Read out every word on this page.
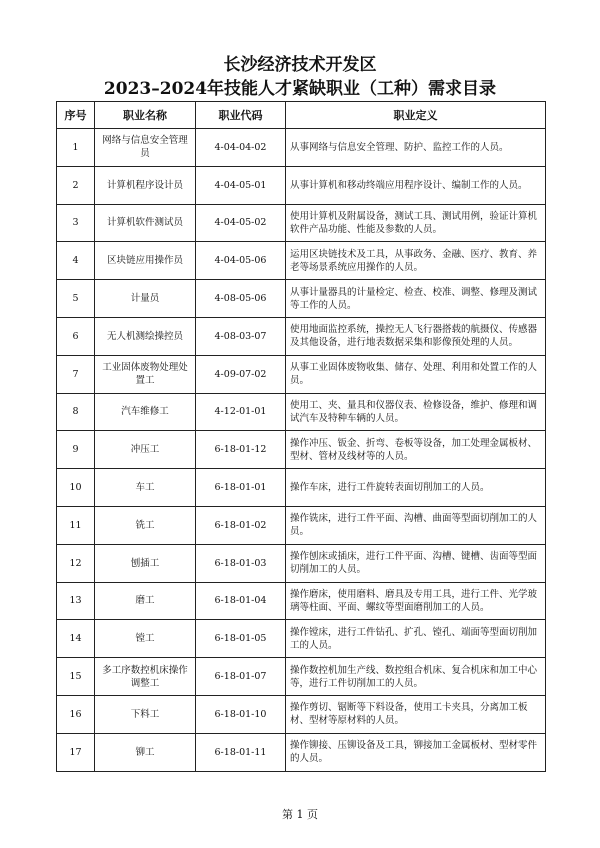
长沙经济技术开发区
2023–2024年技能人才紧缺职业（工种）需求目录
序号	职业名称	职业代码	职业定义
1	网络与信息安全管理员	4-04-04-02	从事网络与信息安全管理、防护、监控工作的人员。
2	计算机程序设计员	4-04-05-01	从事计算机和移动终端应用程序设计、编制工作的人员。
3	计算机软件测试员	4-04-05-02	使用计算机及附属设备，测试工具、测试用例，验证计算机软件产品功能、性能及参数的人员。
4	区块链应用操作员	4-04-05-06	运用区块链技术及工具，从事政务、金融、医疗、教育、养老等场景系统应用操作的人员。
5	计量员	4-08-05-06	从事计量器具的计量检定、检查、校准、调整、修理及测试等工作的人员。
6	无人机测绘操控员	4-08-03-07	使用地面监控系统，操控无人飞行器搭载的航摄仪、传感器及其他设备，进行地表数据采集和影像预处理的人员。
7	工业固体废物处理处置工	4-09-07-02	从事工业固体废物收集、储存、处理、利用和处置工作的人员。
8	汽车维修工	4-12-01-01	使用工、夹、量具和仪器仪表、检修设备，维护、修理和调试汽车及特种车辆的人员。
9	冲压工	6-18-01-12	操作冲压、钣金、折弯、卷板等设备，加工处理金属板材、型材、管材及线材等的人员。
10	车工	6-18-01-01	操作车床，进行工件旋转表面切削加工的人员。
11	铣工	6-18-01-02	操作铣床，进行工件平面、沟槽、曲面等型面切削加工的人员。
12	刨插工	6-18-01-03	操作刨床或插床，进行工件平面、沟槽、键槽、齿面等型面切削加工的人员。
13	磨工	6-18-01-04	操作磨床，使用磨料、磨具及专用工具，进行工件、光学玻璃等柱面、平面、螺纹等型面磨削加工的人员。
14	镗工	6-18-01-05	操作镗床，进行工件钻孔、扩孔、镗孔、端面等型面切削加工的人员。
15	多工序数控机床操作调整工	6-18-01-07	操作数控机加生产线、数控组合机床、复合机床和加工中心等，进行工件切削加工的人员。
16	下料工	6-18-01-10	操作剪切、锯断等下料设备，使用工卡夹具，分离加工板材、型材等原材料的人员。
17	铆工	6-18-01-11	操作铆接、压铆设备及工具，铆接加工金属板材、型材零件的人员。
第 1 页
